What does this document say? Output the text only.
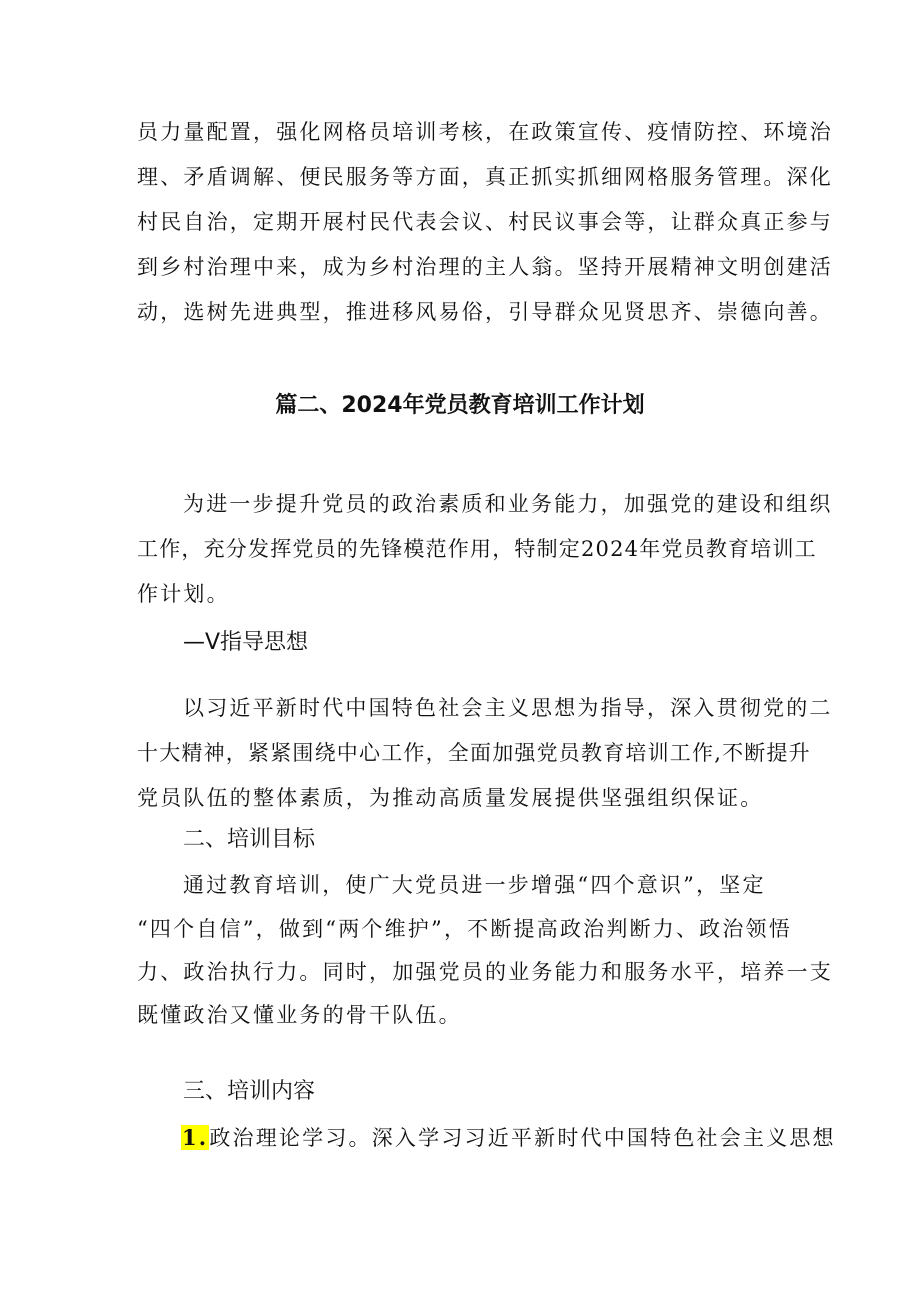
员力量配置，强化网格员培训考核，在政策宣传、疫情防控、环境治
理、矛盾调解、便民服务等方面，真正抓实抓细网格服务管理。深化
村民自治，定期开展村民代表会议、村民议事会等，让群众真正参与
到乡村治理中来，成为乡村治理的主人翁。坚持开展精神文明创建活
动，选树先进典型，推进移风易俗，引导群众见贤思齐、崇德向善。
篇二、2024年党员教育培训工作计划
为进一步提升党员的政治素质和业务能力，加强党的建设和组织
工作，充分发挥党员的先锋模范作用，特制定2024年党员教育培训工
作计划。
—V指导思想
以习近平新时代中国特色社会主义思想为指导，深入贯彻党的二
十大精神，紧紧围绕中心工作，全面加强党员教育培训工作,不断提升
党员队伍的整体素质，为推动高质量发展提供坚强组织保证。
二、培训目标
通过教育培训，使广大党员进一步增强“四个意识”，坚定
“四个自信”，做到“两个维护”，不断提高政治判断力、政治领悟
力、政治执行力。同时，加强党员的业务能力和服务水平，培养一支
既懂政治又懂业务的骨干队伍。
三、培训内容
1.政治理论学习。深入学习习近平新时代中国特色社会主义思想
